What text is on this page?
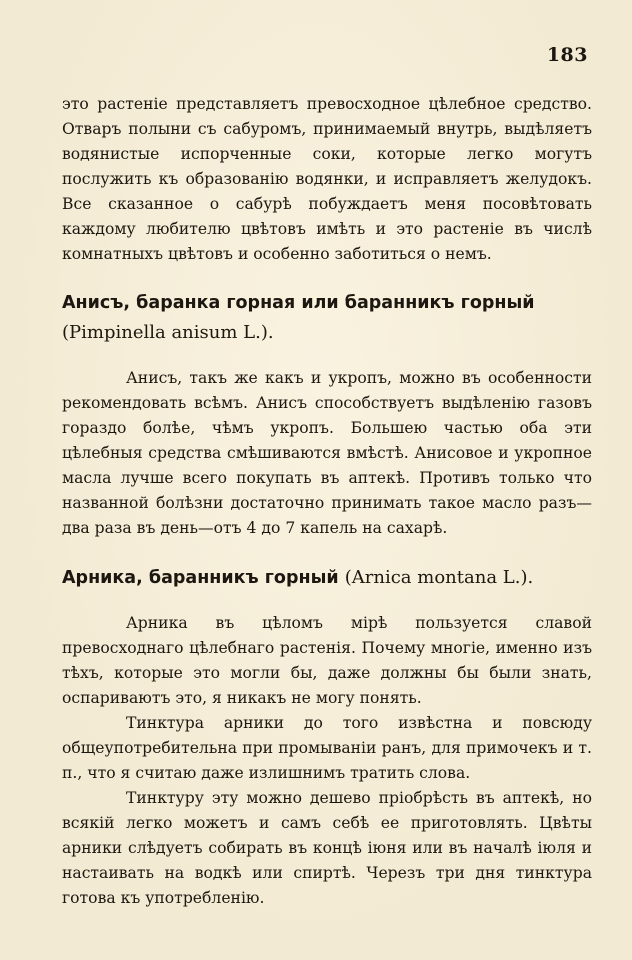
183

это растеніе представляетъ превосходное цѣлебное средство. Отваръ полыни съ сабуромъ, принимаемый внутрь, выдѣляетъ водянистые испорченные соки, которые легко могутъ послужить къ образованію водянки, и исправляетъ желудокъ. Все сказанное о сабурѣ побуждаетъ меня посовѣтовать каждому любителю цвѣтовъ имѣть и это растеніе въ числѣ комнатныхъ цвѣтовъ и особенно заботиться о немъ.

Анисъ, баранка горная или баранникъ горный (Pimpinella anisum L.).

Анисъ, такъ же какъ и укропъ, можно въ особенности рекомендовать всѣмъ. Анисъ способствуетъ выдѣленію газовъ гораздо болѣе, чѣмъ укропъ. Большею частью оба эти цѣлебныя средства смѣшиваются вмѣстѣ. Анисовое и укропное масла лучше всего покупать въ аптекѣ. Противъ только что названной болѣзни достаточно принимать такое масло разъ—два раза въ день—отъ 4 до 7 капель на сахарѣ.

Арника, баранникъ горный (Arnica montana L.).

Арника въ цѣломъ мірѣ пользуется славой превосходнаго цѣлебнаго растенія. Почему многіе, именно изъ тѣхъ, которые это могли бы, даже должны бы были знать, оспариваютъ это, я никакъ не могу понять.

Тинктура арники до того извѣстна и повсюду общеупотребительна при промываніи ранъ, для примочекъ и т. п., что я считаю даже излишнимъ тратить слова.

Тинктуру эту можно дешево пріобрѣсть въ аптекѣ, но всякій легко можетъ и самъ себѣ ее приготовлять. Цвѣты арники слѣдуетъ собирать въ концѣ іюня или въ началѣ іюля и настаивать на водкѣ или спиртѣ. Черезъ три дня тинктура готова къ употребленію.
